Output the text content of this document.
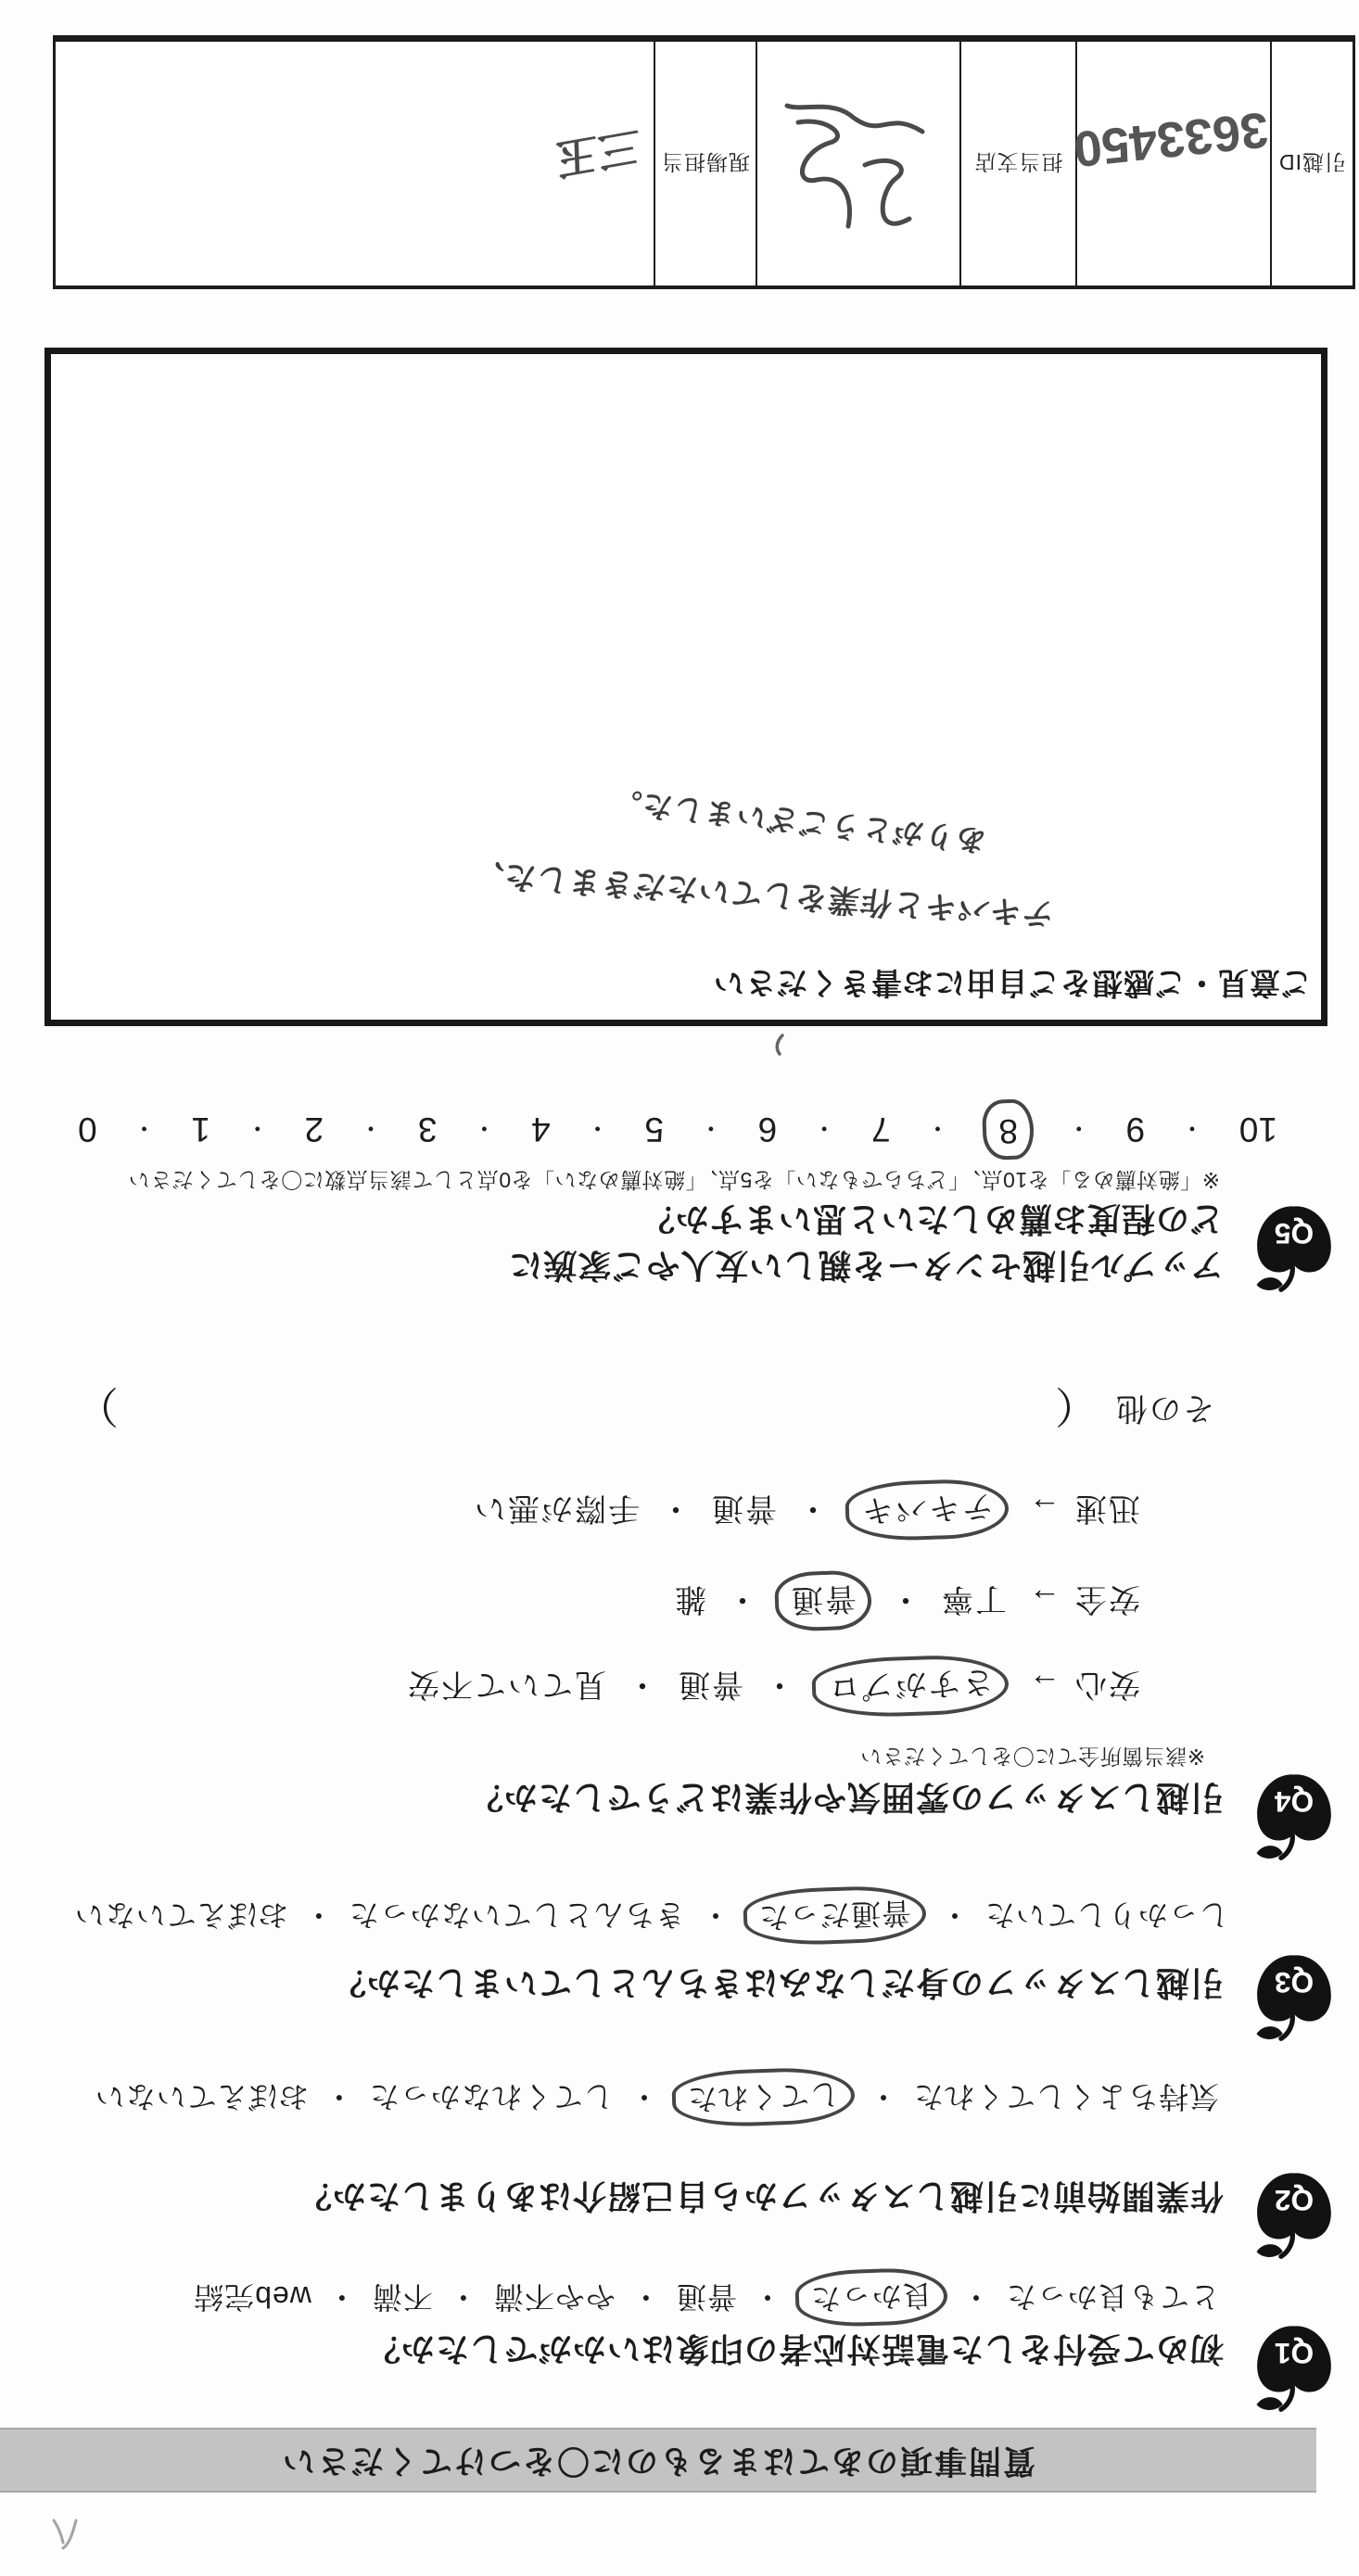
質問事項のあてはまるものに〇をつけてください
Q1
初めて受付をした電話対応者の印象はいかがでしたか？
とても良かった・良かった・普通・やや不満・不満・web完結
Q2
作業開始前に引越しスタッフから自己紹介はありましたか？
気持ちよくしてくれた・してくれた・してくれなかった・おぼえていない
Q3
引越しスタッフの身だしなみはきちんとしていましたか？
しっかりしていた・普通だった・きちんとしていなかった・おぼえていない
Q4
引越しスタッフの雰囲気や作業はどうでしたか？
※該当箇所全てに〇をしてください
安心→さすがプロ・普通・見ていて不安
安全→丁寧・普通・雑
迅速→テキパキ・普通・手際が悪い
その他
（
）
Q5
アップル引越センターを親しい友人やご家族に
どの程度お薦めしたいと思いますか？
※「絶対薦める」を10点、「どちらでもない」を5点、「絶対薦めない」を0点として該当点数に〇をしてください
10
・
9
・
8
・
7
・
6
・
5
・
4
・
3
・
2
・
1
・
0
ご意見・ご感想をご自由にお書きください
テキパキと作業をしていただきました、
ありがとうございました。
引越ID
3633450
担当支店
現場担当
三玉
